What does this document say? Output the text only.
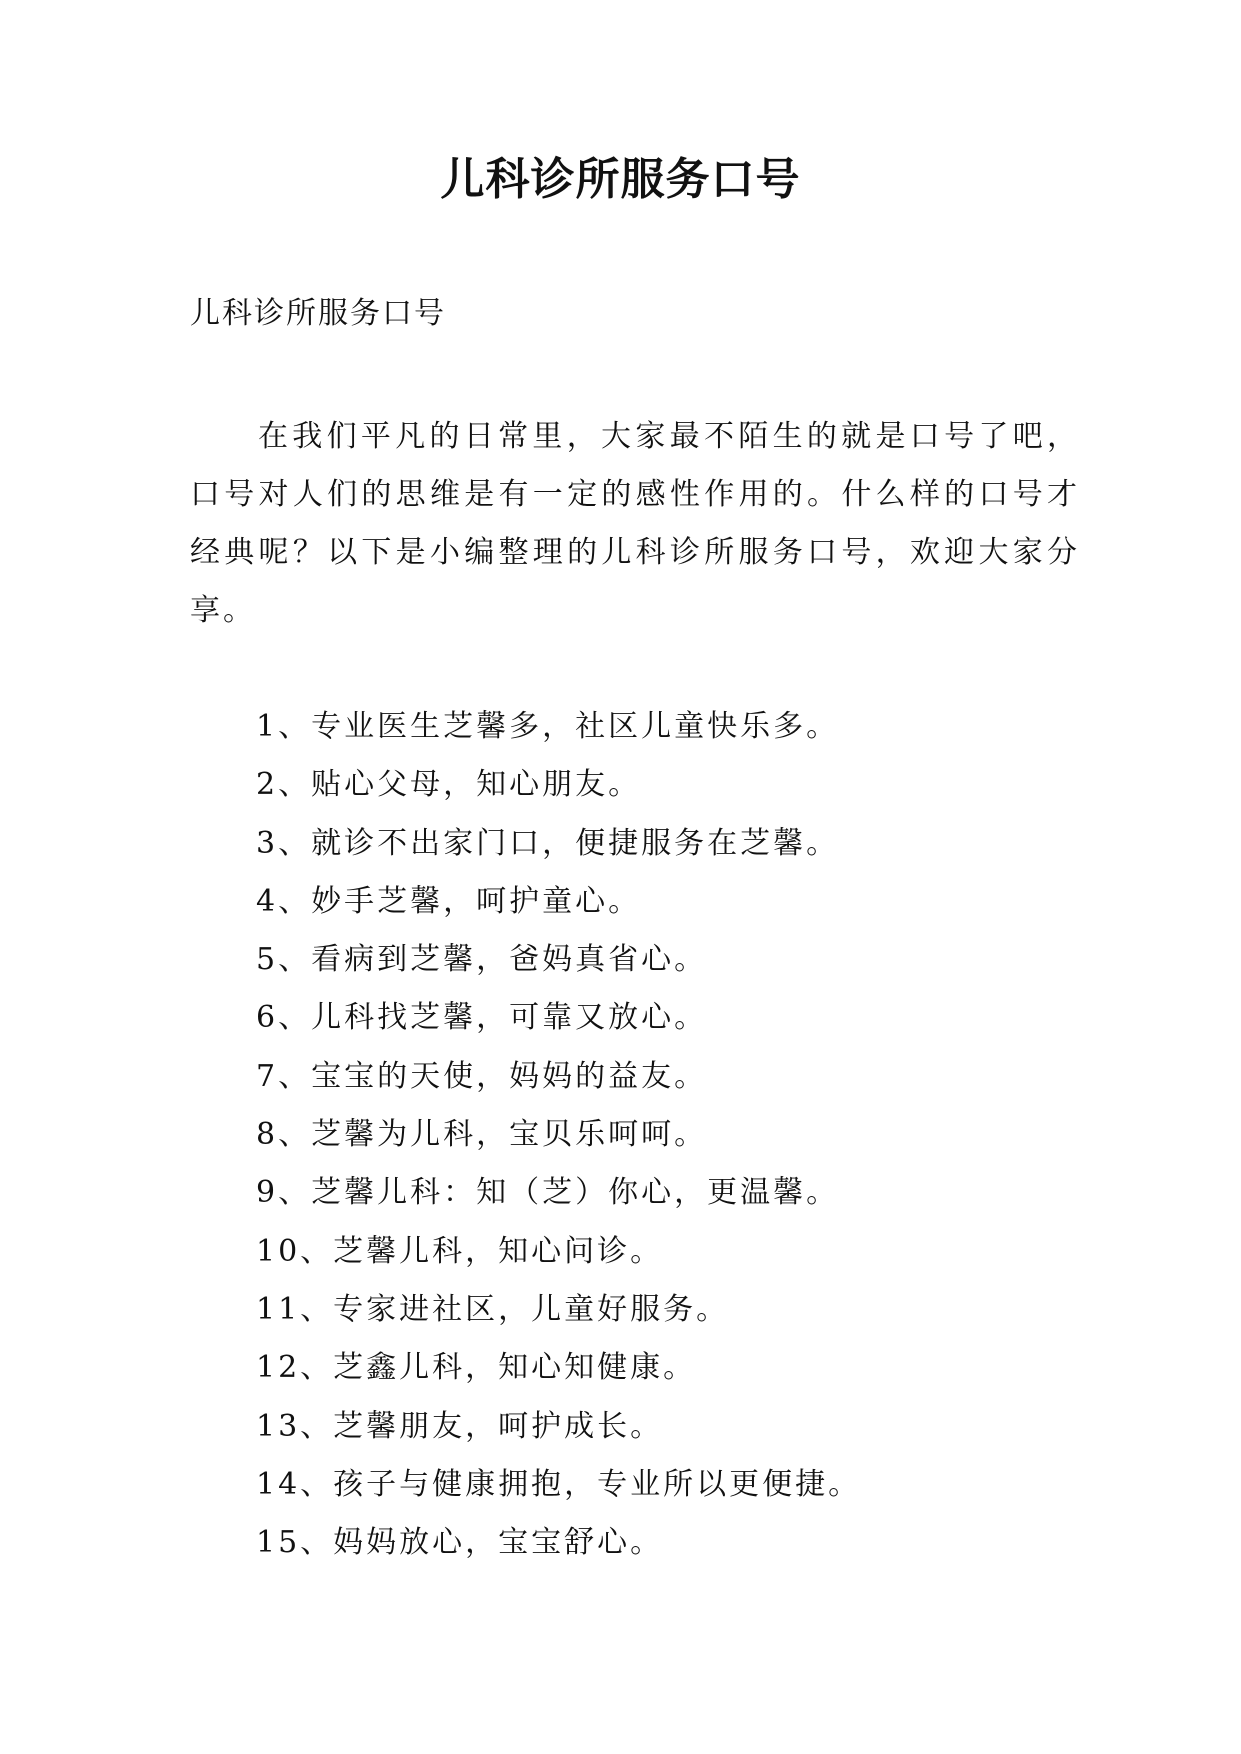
儿科诊所服务口号

儿科诊所服务口号

在我们平凡的日常里，大家最不陌生的就是口号了吧，口号对人们的思维是有一定的感性作用的。什么样的口号才经典呢？以下是小编整理的儿科诊所服务口号，欢迎大家分享。

1、专业医生芝馨多，社区儿童快乐多。
2、贴心父母，知心朋友。
3、就诊不出家门口，便捷服务在芝馨。
4、妙手芝馨，呵护童心。
5、看病到芝馨，爸妈真省心。
6、儿科找芝馨，可靠又放心。
7、宝宝的天使，妈妈的益友。
8、芝馨为儿科，宝贝乐呵呵。
9、芝馨儿科：知（芝）你心，更温馨。
10、芝馨儿科，知心问诊。
11、专家进社区，儿童好服务。
12、芝鑫儿科，知心知健康。
13、芝馨朋友，呵护成长。
14、孩子与健康拥抱，专业所以更便捷。
15、妈妈放心，宝宝舒心。
